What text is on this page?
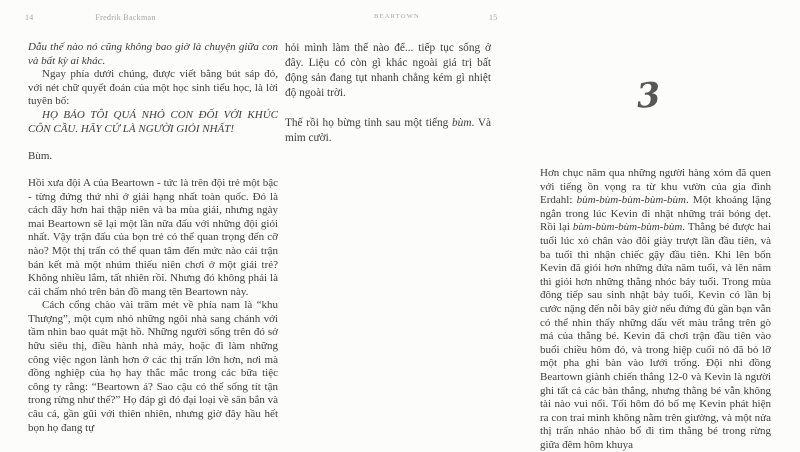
14	Fredrik Backman	BEARTOWN	15

Dẫu thế nào nó cũng không bao giờ là chuyện giữa con và bất kỳ ai khác.

Ngay phía dưới chúng, được viết bằng bút sáp đỏ, với nét chữ quyết đoán của một học sinh tiểu học, là lời tuyên bố:

HỌ BẢO TÔI QUÁ NHỎ CON ĐỐI VỚI KHÚC CÔN CẦU. HÃY CỨ LÀ NGƯỜI GIỎI NHẤT!

Bùm.

Hồi xưa đội A của Beartown - tức là trên đội trẻ một bậc - từng đứng thứ nhì ở giải hạng nhất toàn quốc. Đó là cách đây hơn hai thập niên và ba mùa giải, nhưng ngày mai Beartown sẽ lại một lần nữa đấu với những đội giỏi nhất. Vậy trận đấu của bọn trẻ có thể quan trọng đến cỡ nào? Một thị trấn có thể quan tâm đến mức nào cái trận bán kết mà một nhúm thiếu niên chơi ở một giải trẻ? Không nhiều lắm, tất nhiên rồi. Nhưng đó không phải là cái chấm nhỏ trên bản đồ mang tên Beartown này.

Cách cổng chào vài trăm mét về phía nam là “khu Thượng”, một cụm nhỏ những ngôi nhà sang chảnh với tầm nhìn bao quát mặt hồ. Những người sống trên đó sở hữu siêu thị, điều hành nhà máy, hoặc đi làm những công việc ngon lành hơn ở các thị trấn lớn hơn, nơi mà đồng nghiệp của họ hay thắc mắc trong các bữa tiệc công ty rằng: “Beartown á? Sao cậu có thể sống tít tận trong rừng như thế?” Họ đáp gì đó đại loại về săn bắn và câu cá, gần gũi với thiên nhiên, nhưng giờ đây hầu hết bọn họ đang tự

hỏi mình làm thế nào để... tiếp tục sống ở đây. Liệu có còn gì khác ngoài giá trị bất động sản đang tụt nhanh chẳng kém gì nhiệt độ ngoài trời.

Thế rồi họ bừng tỉnh sau một tiếng bùm. Và mỉm cười.

3

Hơn chục năm qua những người hàng xóm đã quen với tiếng ồn vọng ra từ khu vườn của gia đình Erdahl: bùm-bùm-bùm-bùm-bùm. Một khoảng lặng ngắn trong lúc Kevin đi nhặt những trái bóng dẹt. Rồi lại bùm-bùm-bùm-bùm-bùm. Thằng bé được hai tuổi lúc xỏ chân vào đôi giày trượt lần đầu tiên, và ba tuổi thì nhận chiếc gậy đầu tiên. Khi lên bốn Kevin đã giỏi hơn những đứa năm tuổi, và lên năm thì giỏi hơn những thằng nhóc bảy tuổi. Trong mùa đông tiếp sau sinh nhật bảy tuổi, Kevin có lần bị cước nặng đến nỗi bây giờ nếu đứng đủ gần bạn vẫn có thể nhìn thấy những dấu vết màu trắng trên gò má của thằng bé. Kevin đã chơi trận đầu tiên vào buổi chiều hôm đó, và trong hiệp cuối nó đã bỏ lỡ một pha ghi bàn vào lưới trống. Đội nhi đồng Beartown giành chiến thắng 12-0 và Kevin là người ghi tất cả các bàn thắng, nhưng thằng bé vẫn không tài nào vui nổi. Tối hôm đó bố mẹ Kevin phát hiện ra con trai mình không nằm trên giường, và một nửa thị trấn nháo nhào bổ đi tìm thằng bé trong rừng giữa đêm hôm khuya
